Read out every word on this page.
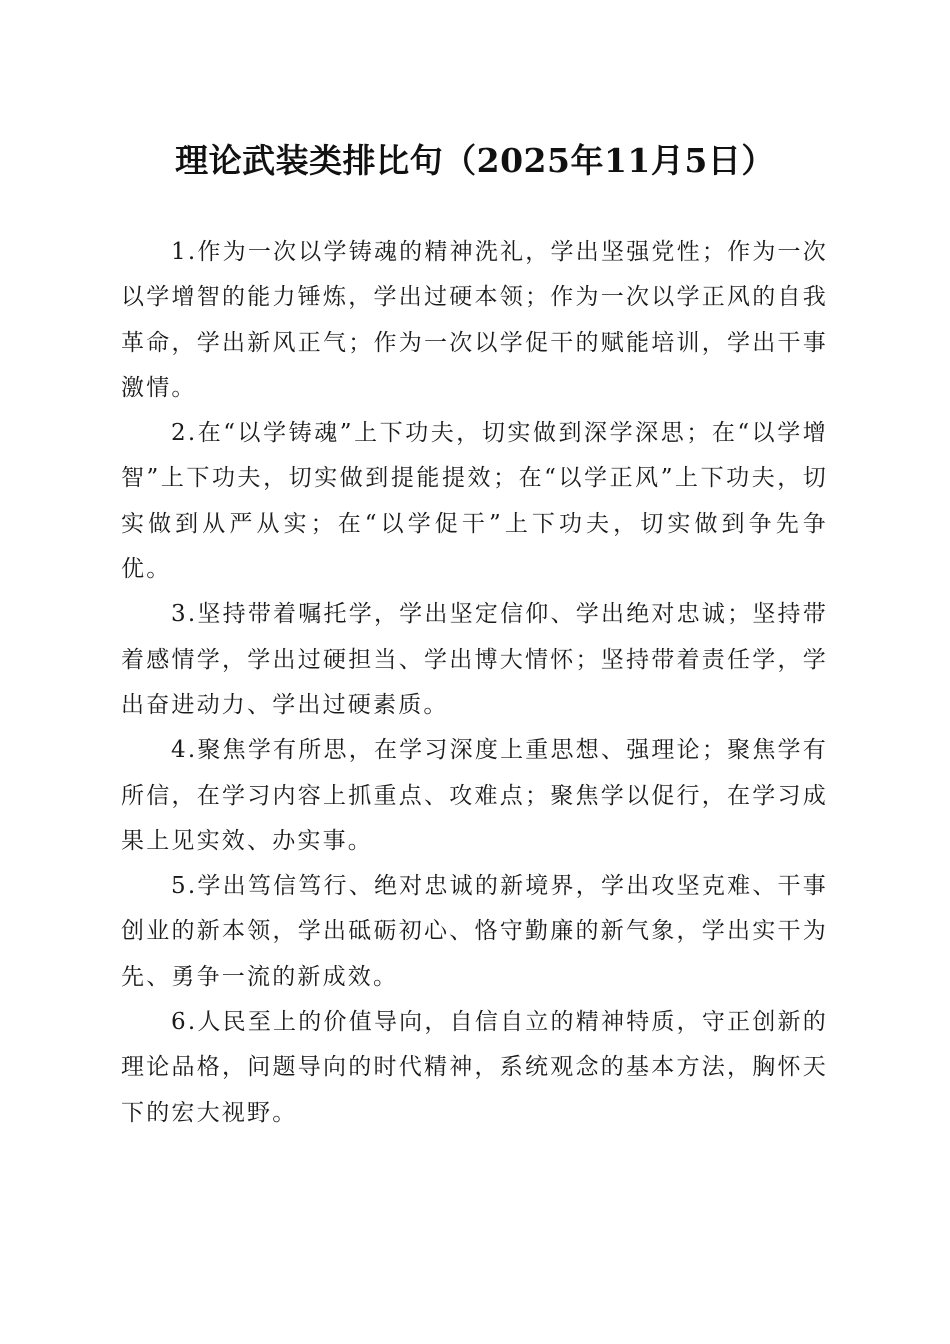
理论武装类排比句（2025年11月5日）

1.作为一次以学铸魂的精神洗礼，学出坚强党性；作为一次以学增智的能力锤炼，学出过硬本领；作为一次以学正风的自我革命，学出新风正气；作为一次以学促干的赋能培训，学出干事激情。

2.在“以学铸魂”上下功夫，切实做到深学深思；在“以学增智”上下功夫，切实做到提能提效；在“以学正风”上下功夫，切实做到从严从实；在“以学促干”上下功夫，切实做到争先争优。

3.坚持带着嘱托学，学出坚定信仰、学出绝对忠诚；坚持带着感情学，学出过硬担当、学出博大情怀；坚持带着责任学，学出奋进动力、学出过硬素质。

4.聚焦学有所思，在学习深度上重思想、强理论；聚焦学有所信，在学习内容上抓重点、攻难点；聚焦学以促行，在学习成果上见实效、办实事。

5.学出笃信笃行、绝对忠诚的新境界，学出攻坚克难、干事创业的新本领，学出砥砺初心、恪守勤廉的新气象，学出实干为先、勇争一流的新成效。

6.人民至上的价值导向，自信自立的精神特质，守正创新的理论品格，问题导向的时代精神，系统观念的基本方法，胸怀天下的宏大视野。
